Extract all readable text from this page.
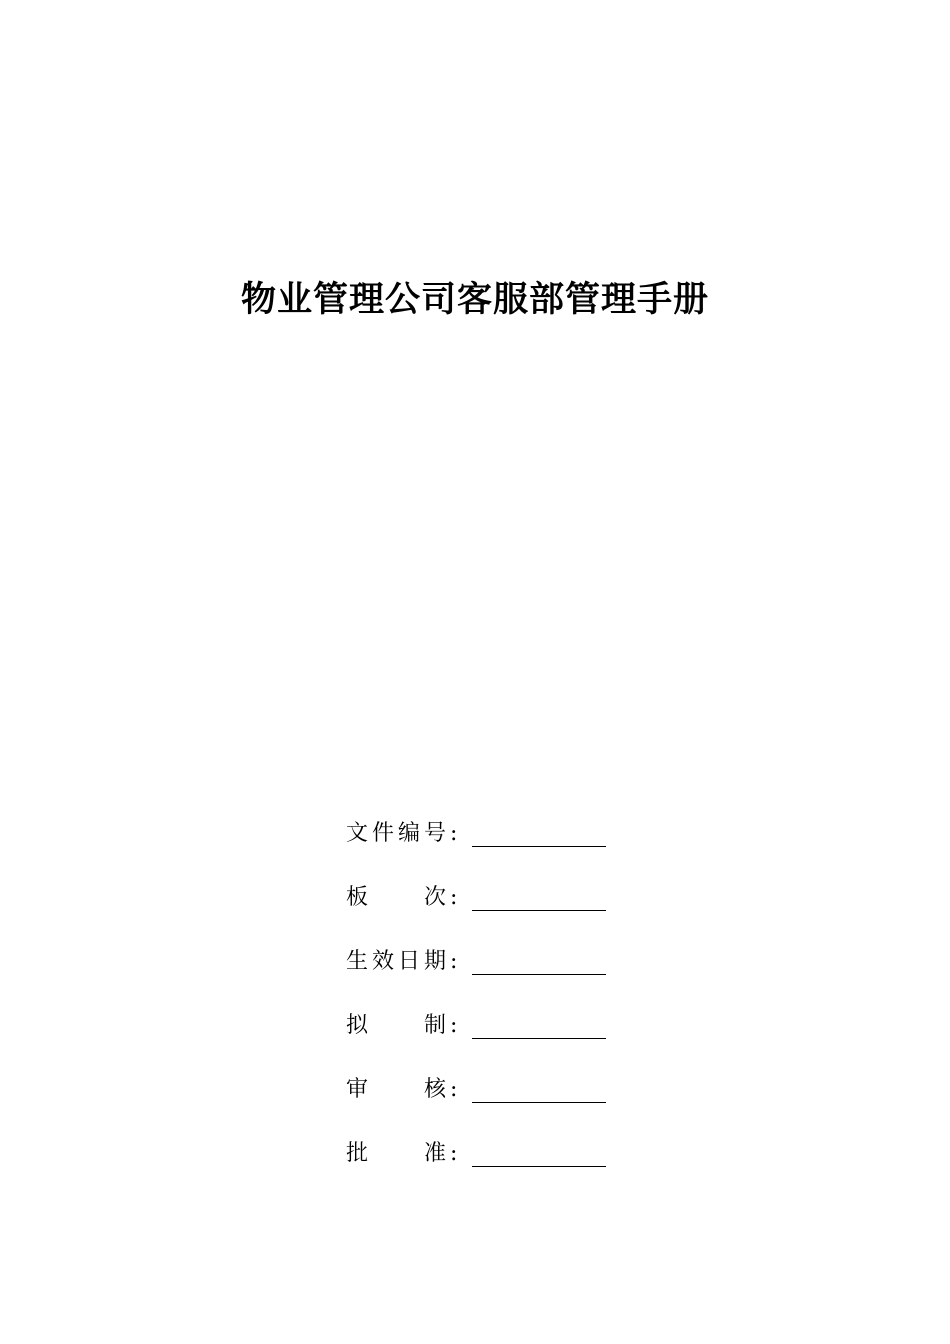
物业管理公司客服部管理手册
文 件 编 号 :
板	次 :
生 效 日 期 :
拟	制 :
审	核 :
批	准 :
